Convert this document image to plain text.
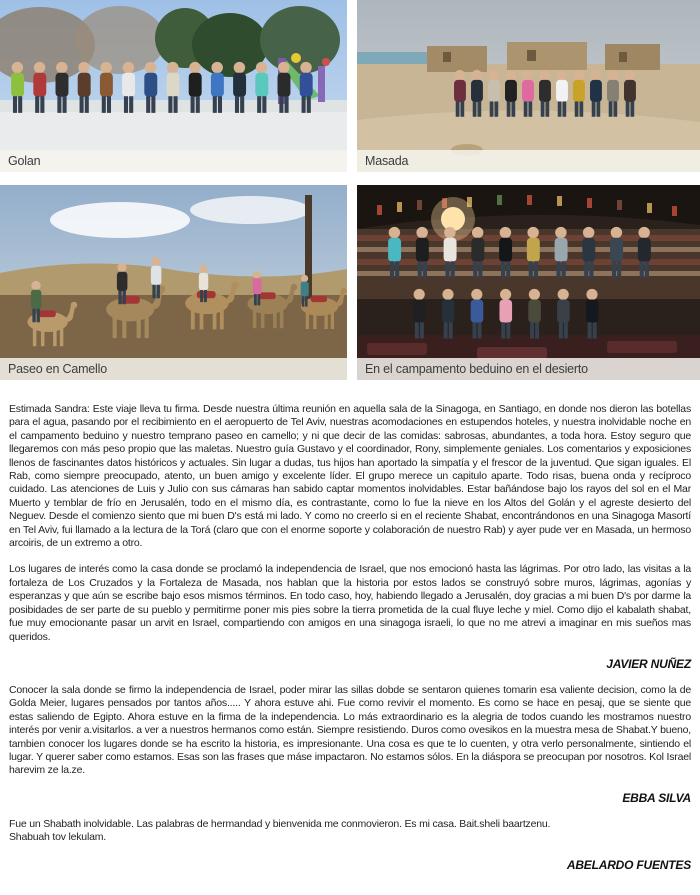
Golan	Masada
Paseo en Camello	En el campamento beduino en el desierto

Estimada Sandra: Este viaje lleva tu firma. Desde nuestra última reunión en aquella sala de la Sinagoga, en Santiago, en donde nos dieron las botellas para el agua, pasando por el recibimiento en el aeropuerto de Tel Aviv, nuestras acomodaciones en estupendos hoteles, y nuestra inolvidable noche en el campamento beduino y nuestro temprano paseo en camello; y ni que decir de las comidas: sabrosas, abundantes, a toda hora. Estoy seguro que llegaremos con más peso propio que las maletas. Nuestro guía Gustavo y el coordinador, Rony, simplemente geniales. Los comentarios y exposiciones llenos de fascinantes datos históricos y actuales. Sin lugar a dudas, tus hijos han aportado la simpatía y el frescor de la juventud. Que sigan iguales. El Rab, como siempre preocupado, atento, un buen amigo y excelente líder. El grupo merece un capitulo aparte. Todo risas, buena onda y recíproco cuidado. Las atenciones de Luis y Julio con sus cámaras han sabido captar momentos inolvidables. Estar bañándose bajo los rayos del sol en el Mar Muerto y temblar de frío en Jerusalén, todo en el mismo día, es contrastante, como lo fue la nieve en los Altos del Golán y el agreste desierto del Neguev. Desde el comienzo siento que mi buen D's está mi lado. Y como no creerlo si en el reciente Shabat, encontrándonos en una Sinagoga Masortí en Tel Aviv, fui llamado a la lectura de la Torá (claro que con el enorme soporte y colaboración de nuestro Rab) y ayer pude ver en Masada, un hermoso arcoiris, de un extremo a otro.

Los lugares de interés como la casa donde se proclamó la independencia de Israel, que nos emocionó hasta las lágrimas. Por otro lado, las visitas a la fortaleza de Los Cruzados y la Fortaleza de Masada, nos hablan que la historia por estos lados se construyó sobre muros, lágrimas, agonías y esperanzas y que aún se escribe bajo esos mismos términos. En todo caso, hoy, habiendo llegado a Jerusalén, doy gracias a mi buen D's por darme la posibidades de ser parte de su pueblo y permitirme poner mis pies sobre la tierra prometida de la cual fluye leche y miel. Como dijo el kabalath shabat, fue muy emocionante pasar un arvit en Israel, compartiendo con amigos en una sinagoga israeli, lo que no me atrevi a imaginar en mis sueños mas queridos.

JAVIER NUÑEZ

Conocer la sala donde se firmo la independencia de Israel, poder mirar las sillas dobde se sentaron quienes tomarin esa valiente decision, como la de Golda Meier, lugares pensados por tantos años..... Y ahora estuve ahi. Fue como revivir el momento. Es como se hace en pesaj, que se siente que estas saliendo de Egipto. Ahora estuve en la firma de la independencia. Lo más extraordinario es la alegria de todos cuando les mostramos nuestro interés por venir a.visitarlos. a ver a nuestros hermanos como están. Siempre resistiendo. Duros como ovesikos en la muestra mesa de Shabat.Y bueno, tambien conocer los lugares donde se ha escrito la historia, es impresionante. Una cosa es que te lo cuenten, y otra verlo personalmente, sintiendo el lugar. Y querer saber como estamos. Esas son las frases que máse impactaron. No estamos sólos. En la diáspora se preocupan por nosotros. Kol Israel harevim ze la.ze.

EBBA SILVA

Fue un Shabath inolvidable. Las palabras de hermandad y bienvenida me conmovieron. Es mi casa. Bait.sheli baartzenu.
Shabuah tov lekulam.

ABELARDO FUENTES
